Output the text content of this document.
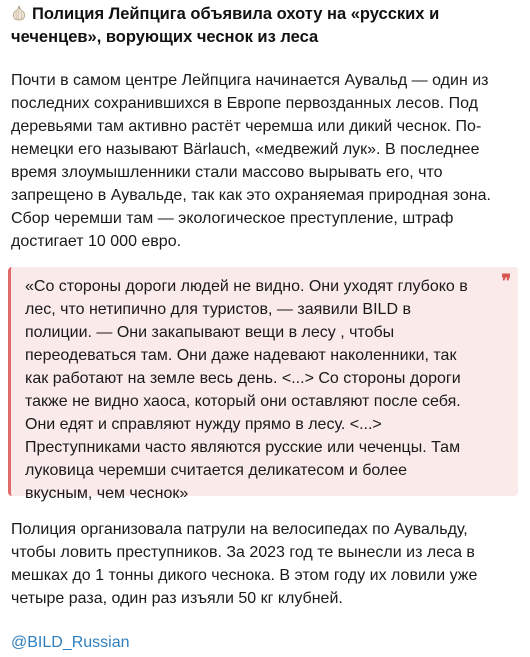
Полиция Лейпцига объявила охоту на «русских и чеченцев», ворующих чеснок из леса
Почти в самом центре Лейпцига начинается Аувальд — один из
последних сохранившихся в Европе первозданных лесов. Под
деревьями там активно растёт черемша или дикий чеснок. По-
немецки его называют Bärlauch, «медвежий лук». В последнее
время злоумышленники стали массово вырывать его, что
запрещено в Аувальде, так как это охраняемая природная зона.
Сбор черемши там — экологическое преступление, штраф
достигает 10 000 евро.
«Со стороны дороги людей не видно. Они уходят глубоко в
лес, что нетипично для туристов, — заявили BILD в
полиции. — Они закапывают вещи в лесу , чтобы
переодеваться там. Они даже надевают наколенники, так
как работают на земле весь день. <...> Со стороны дороги
также не видно хаоса, который они оставляют после себя.
Они едят и справляют нужду прямо в лесу. <...>
Преступниками часто являются русские или чеченцы. Там
луковица черемши считается деликатесом и более
вкусным, чем чеснок»
❞
Полиция организовала патрули на велосипедах по Аувальду,
чтобы ловить преступников. За 2023 год те вынесли из леса в
мешках до 1 тонны дикого чеснока. В этом году их ловили уже
четыре раза, один раз изъяли 50 кг клубней.
@BILD_Russian
